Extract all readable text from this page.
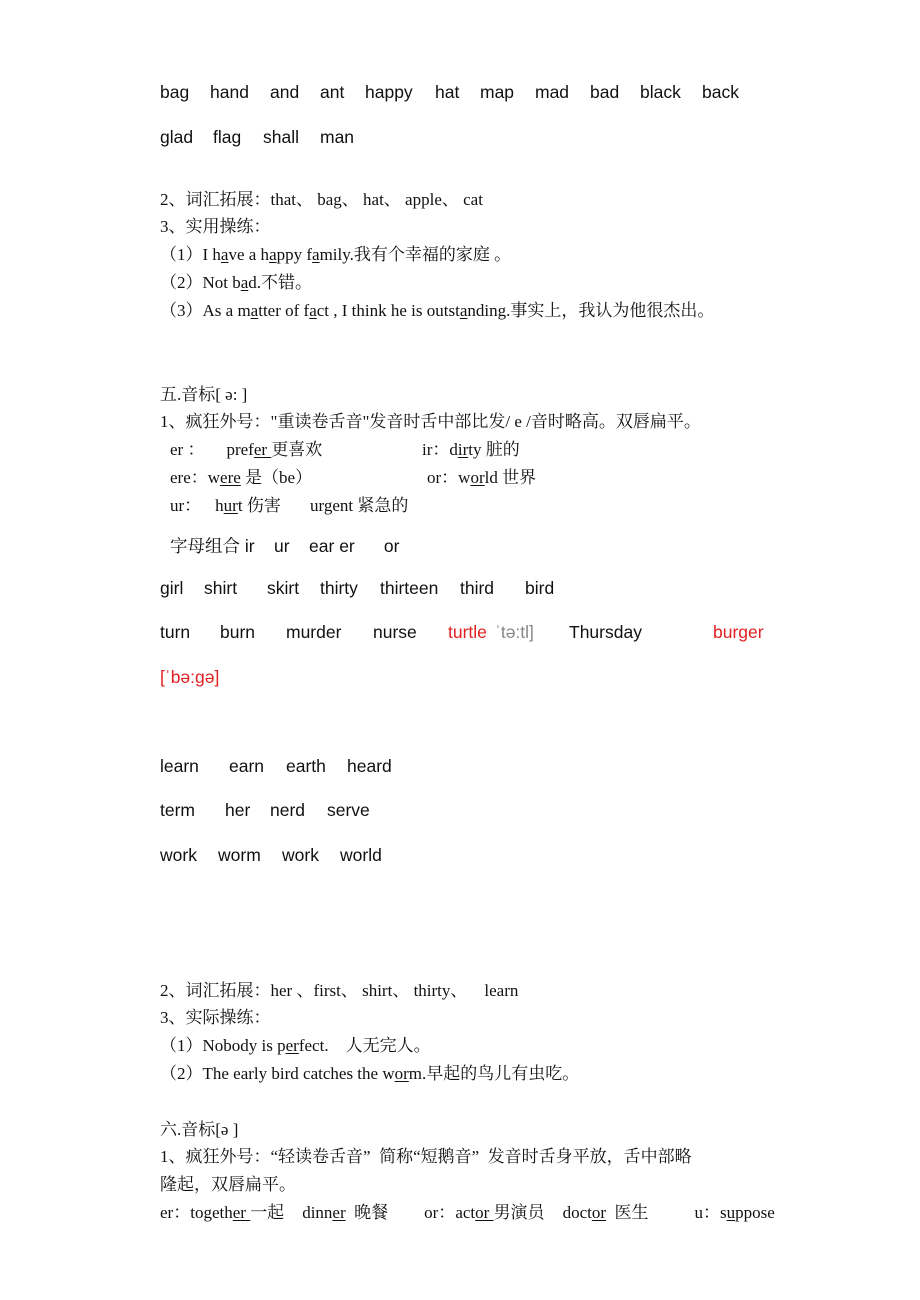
bag hand and ant happy hat map mad bad black back
glad flag shall man
2、词汇拓展：that、 bag、 hat、 apple、 cat
3、实用操练：
（1）I have a happy family.我有个幸福的家庭 。
（2）Not bad.不错。
（3）As a matter of fact , I think he is outstanding.事实上，我认为他很杰出。
五.音标[ ə: ]
1、疯狂外号："重读卷舌音"发音时舌中部比发/ e /音时略高。双唇扁平。
er ： prefer 更喜欢	ir：dirty 脏的
ere：were 是（be）	or：world 世界
ur： hurt 伤害 urgent 紧急的
字母组合 ir    ur    ear er      or
girl shirt skirt thirty thirteen third bird
turn burn murder nurse turtle ˈtə:tl] Thursday	burger
[ˈbə:gə]
learn earn earth heard
term her nerd serve
work worm work world
2、词汇拓展：her 、first、 shirt、 thirty、    learn
3、实际操练：
（1）Nobody is perfect.    人无完人。
（2）The early bird catches the worm.早起的鸟儿有虫吃。
六.音标[ə ]
1、疯狂外号：“轻读卷舌音”  简称“短鹅音”  发音时舌身平放，舌中部略
隆起，双唇扁平。
er：together 一起 dinner  晚餐 or：actor 男演员 doctor  医生	u：suppose
